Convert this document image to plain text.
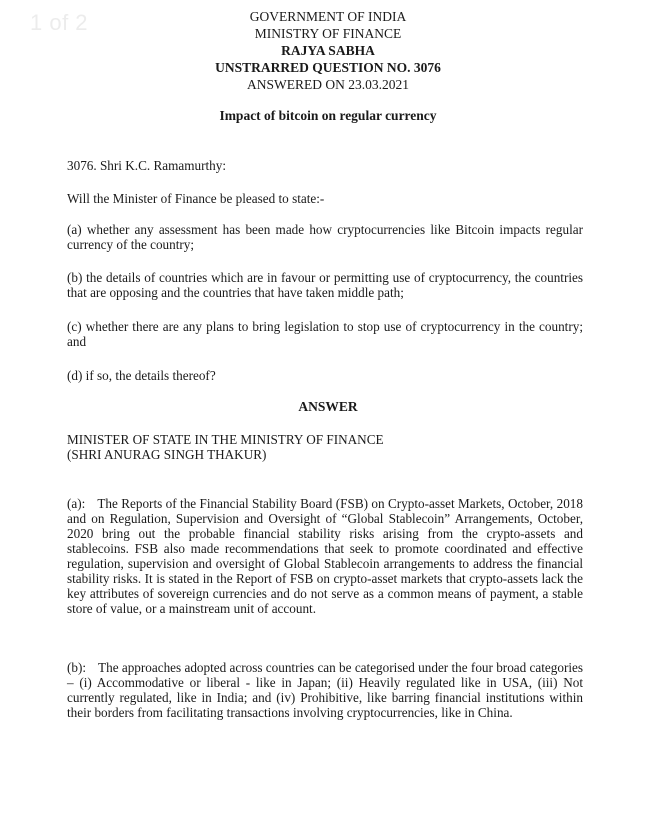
1 of 2	GOVERNMENT OF INDIA
MINISTRY OF FINANCE
RAJYA SABHA
UNSTRARRED QUESTION NO. 3076
ANSWERED ON 23.03.2021
Impact of bitcoin on regular currency
3076. Shri K.C. Ramamurthy:
Will the Minister of Finance be pleased to state:-
(a) whether any assessment has been made how cryptocurrencies like Bitcoin impacts regular currency of the country;
(b) the details of countries which are in favour or permitting use of cryptocurrency, the countries that are opposing and the countries that have taken middle path;
(c) whether there are any plans to bring legislation to stop use of cryptocurrency in the country; and
(d) if so, the details thereof?
ANSWER
MINISTER OF STATE IN THE MINISTRY OF FINANCE
(SHRI ANURAG SINGH THAKUR)
(a): The Reports of the Financial Stability Board (FSB) on Crypto-asset Markets, October, 2018 and on Regulation, Supervision and Oversight of “Global Stablecoin” Arrangements, October, 2020 bring out the probable financial stability risks arising from the crypto-assets and stablecoins. FSB also made recommendations that seek to promote coordinated and effective regulation, supervision and oversight of Global Stablecoin arrangements to address the financial stability risks. It is stated in the Report of FSB on crypto-asset markets that crypto-assets lack the key attributes of sovereign currencies and do not serve as a common means of payment, a stable store of value, or a mainstream unit of account.
(b): The approaches adopted across countries can be categorised under the four broad categories – (i) Accommodative or liberal - like in Japan; (ii) Heavily regulated like in USA, (iii) Not currently regulated, like in India; and (iv) Prohibitive, like barring financial institutions within their borders from facilitating transactions involving cryptocurrencies, like in China.
